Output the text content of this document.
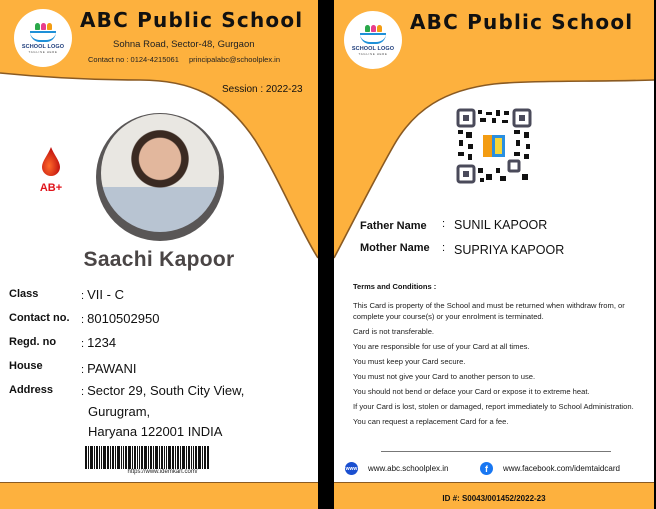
SCHOOL LOGO
TAGLINE HERE
ABC Public School
Sohna Road, Sector-48, Gurgaon
Contact no : 0124-4215061 principalabc@schoolplex.in
Session : 2022-23
AB+
Saachi Kapoor
Class	: VII - C
Contact no.	: 8010502950
Regd. no	: 1234
House	: PAWANI
Address	: Sector 29, South City View,
Gurugram,
Haryana 122001 INDIA
https://www.idemkart.com/
SCHOOL LOGO
TAGLINE HERE
ABC Public School
Father Name : SUNIL KAPOOR
Mother Name : SUPRIYA KAPOOR
Terms and Conditions :
This Card is property of the School and must be returned when withdraw from, or complete your course(s) or your enrolment is terminated.
Card is not transferable.
You are responsible for use of your Card at all times.
You must keep your Card secure.
You must not give your Card to another person to use.
You should not bend or deface your Card or expose it to extreme heat.
If your Card is lost, stolen or damaged, report immediately to School Administration.
You can request a replacement Card for a fee.
www www.abc.schoolplex.in	f	www.facebook.com/idemtaidcard
ID #: S0043/001452/2022-23
